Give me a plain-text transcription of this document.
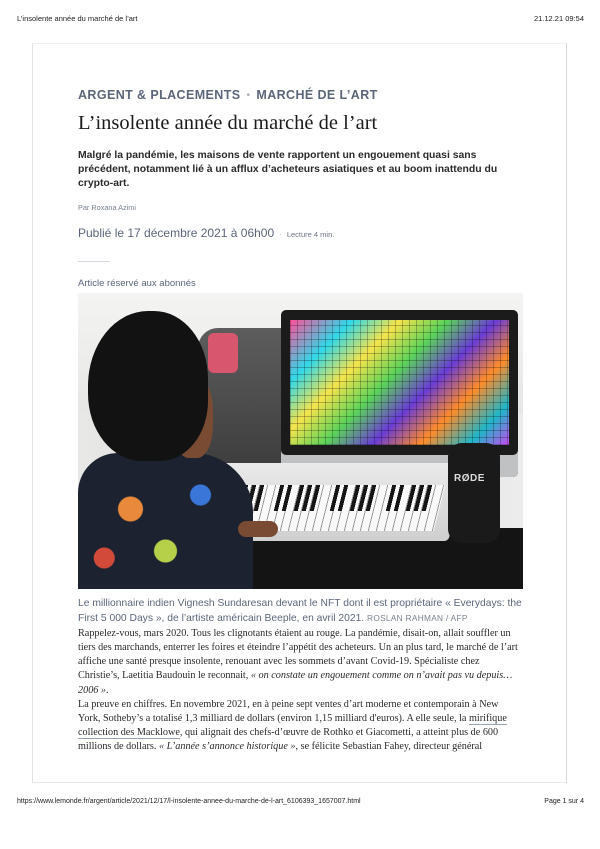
L’insolente année du marché de l’art	21.12.21 09:54
ARGENT & PLACEMENTS • MARCHÉ DE L’ART
L’insolente année du marché de l’art
Malgré la pandémie, les maisons de vente rapportent un engouement quasi sans précédent, notamment lié à un afflux d’acheteurs asiatiques et au boom inattendu du crypto-art.
Par Roxana Azimi
Publié le 17 décembre 2021 à 06h00 · Lecture 4 min.
Article réservé aux abonnés
RØDE
Le millionnaire indien Vignesh Sundaresan devant le NFT dont il est propriétaire « Everydays: the First 5 000 Days », de l’artiste américain Beeple, en avril 2021. ROSLAN RAHMAN / AFP

Rappelez-vous, mars 2020. Tous les clignotants étaient au rouge. La pandémie, disait-on, allait souffler un tiers des marchands, enterrer les foires et éteindre l’appétit des acheteurs. Un an plus tard, le marché de l’art affiche une santé presque insolente, renouant avec les sommets d’avant Covid-19. Spécialiste chez Christie’s, Laetitia Baudouin le reconnait, « on constate un engouement comme on n’avait pas vu depuis… 2006 ».

La preuve en chiffres. En novembre 2021, en à peine sept ventes d’art moderne et contemporain à New York, Sotheby’s a totalisé 1,3 milliard de dollars (environ 1,15 milliard d'euros). A elle seule, la mirifique collection des Macklowe, qui alignait des chefs-d’œuvre de Rothko et Giacometti, a atteint plus de 600 millions de dollars. « L’année s’annonce historique », se félicite Sebastian Fahey, directeur général

https://www.lemonde.fr/argent/article/2021/12/17/l-insolente-annee-du-marche-de-l-art_6106393_1657007.html	Page 1 sur 4
